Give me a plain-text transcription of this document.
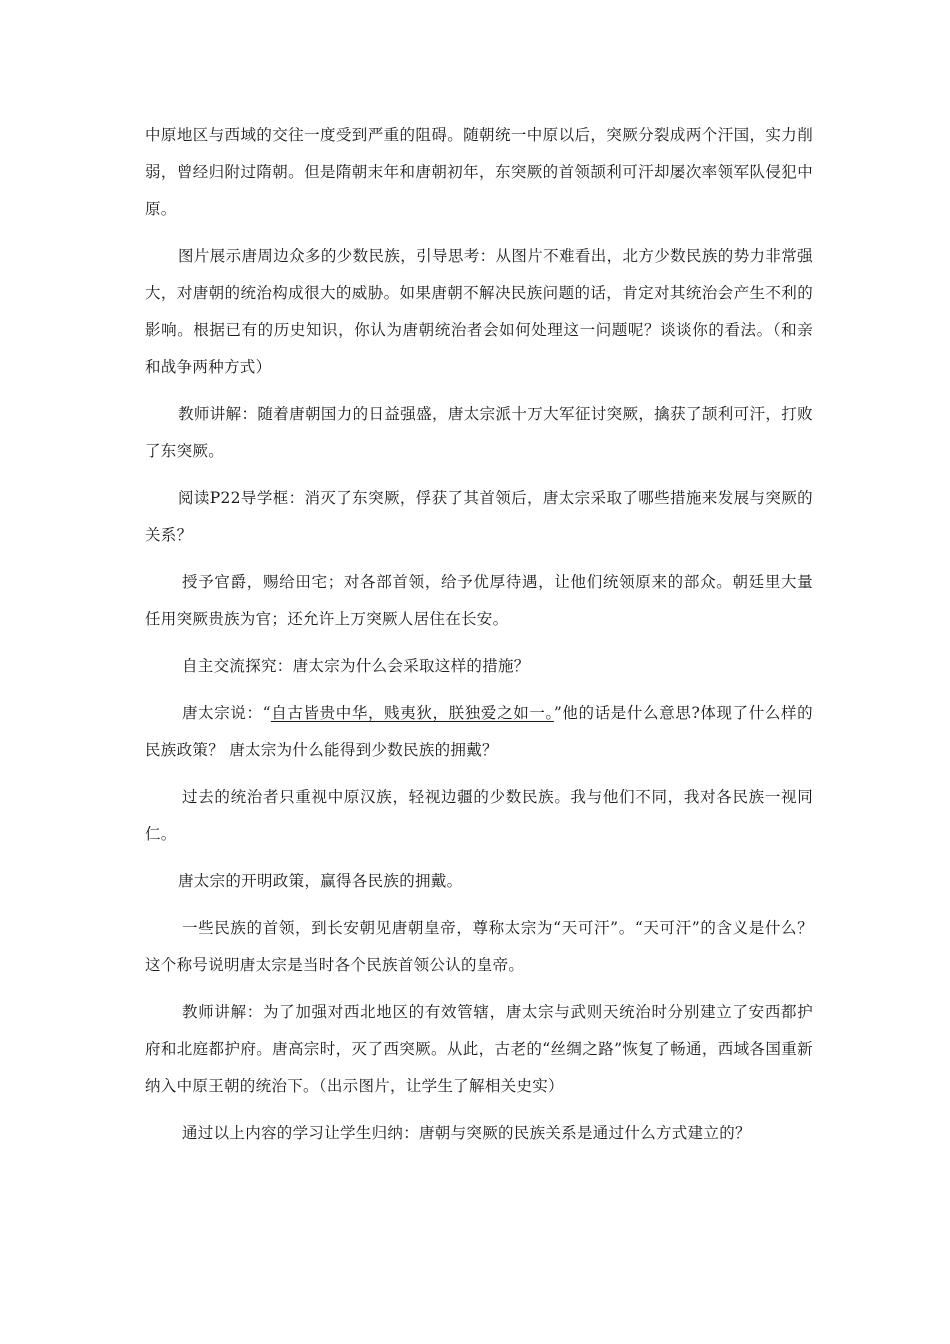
中原地区与西域的交往一度受到严重的阻碍。随朝统一中原以后，突厥分裂成两个汗国，实力削弱，曾经归附过隋朝。但是隋朝末年和唐朝初年，东突厥的首领颉利可汗却屡次率领军队侵犯中原。

图片展示唐周边众多的少数民族，引导思考：从图片不难看出，北方少数民族的势力非常强大，对唐朝的统治构成很大的威胁。如果唐朝不解决民族问题的话，肯定对其统治会产生不利的影响。根据已有的历史知识，你认为唐朝统治者会如何处理这一问题呢？谈谈你的看法。（和亲和战争两种方式）

教师讲解：随着唐朝国力的日益强盛，唐太宗派十万大军征讨突厥，擒获了颉利可汗，打败了东突厥。

阅读P22导学框：消灭了东突厥，俘获了其首领后，唐太宗采取了哪些措施来发展与突厥的关系？

授予官爵，赐给田宅；对各部首领，给予优厚待遇，让他们统领原来的部众。朝廷里大量任用突厥贵族为官；还允许上万突厥人居住在长安。

自主交流探究：唐太宗为什么会采取这样的措施？

唐太宗说：“自古皆贵中华，贱夷狄，朕独爱之如一。”他的话是什么意思?体现了什么样的民族政策？ 唐太宗为什么能得到少数民族的拥戴？

过去的统治者只重视中原汉族，轻视边疆的少数民族。我与他们不同，我对各民族一视同仁。

唐太宗的开明政策，赢得各民族的拥戴。

一些民族的首领，到长安朝见唐朝皇帝，尊称太宗为“天可汗”。“天可汗”的含义是什么？ 这个称号说明唐太宗是当时各个民族首领公认的皇帝。

教师讲解：为了加强对西北地区的有效管辖，唐太宗与武则天统治时分别建立了安西都护府和北庭都护府。唐高宗时，灭了西突厥。从此，古老的“丝绸之路”恢复了畅通，西域各国重新纳入中原王朝的统治下。（出示图片，让学生了解相关史实）

通过以上内容的学习让学生归纳：唐朝与突厥的民族关系是通过什么方式建立的？
